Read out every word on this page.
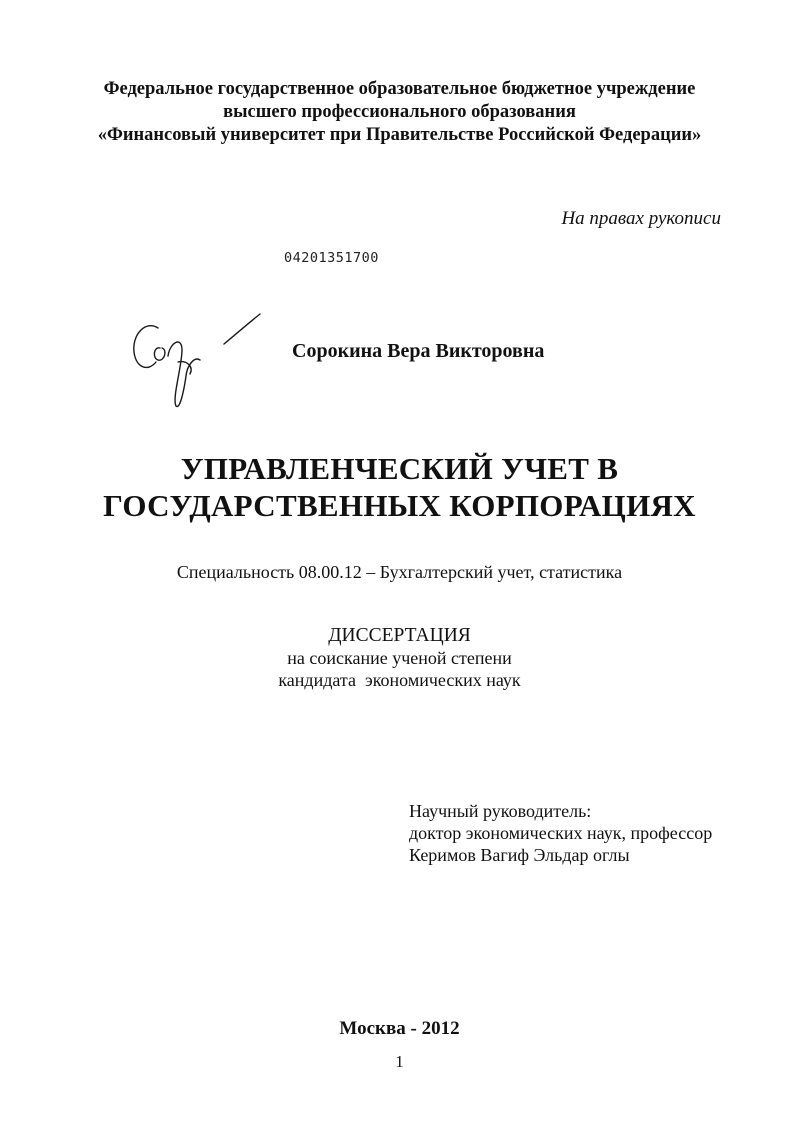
Федеральное государственное образовательное бюджетное учреждение
высшего профессионального образования
«Финансовый университет при Правительстве Российской Федерации»
На правах рукописи
04201351700
Сорокина Вера Викторовна
УПРАВЛЕНЧЕСКИЙ УЧЕТ В
ГОСУДАРСТВЕННЫХ КОРПОРАЦИЯХ
Специальность 08.00.12 – Бухгалтерский учет, статистика
ДИССЕРТАЦИЯ
на соискание ученой степени
кандидата  экономических наук
Научный руководитель:
доктор экономических наук, профессор
Керимов Вагиф Эльдар оглы
Москва - 2012
1
